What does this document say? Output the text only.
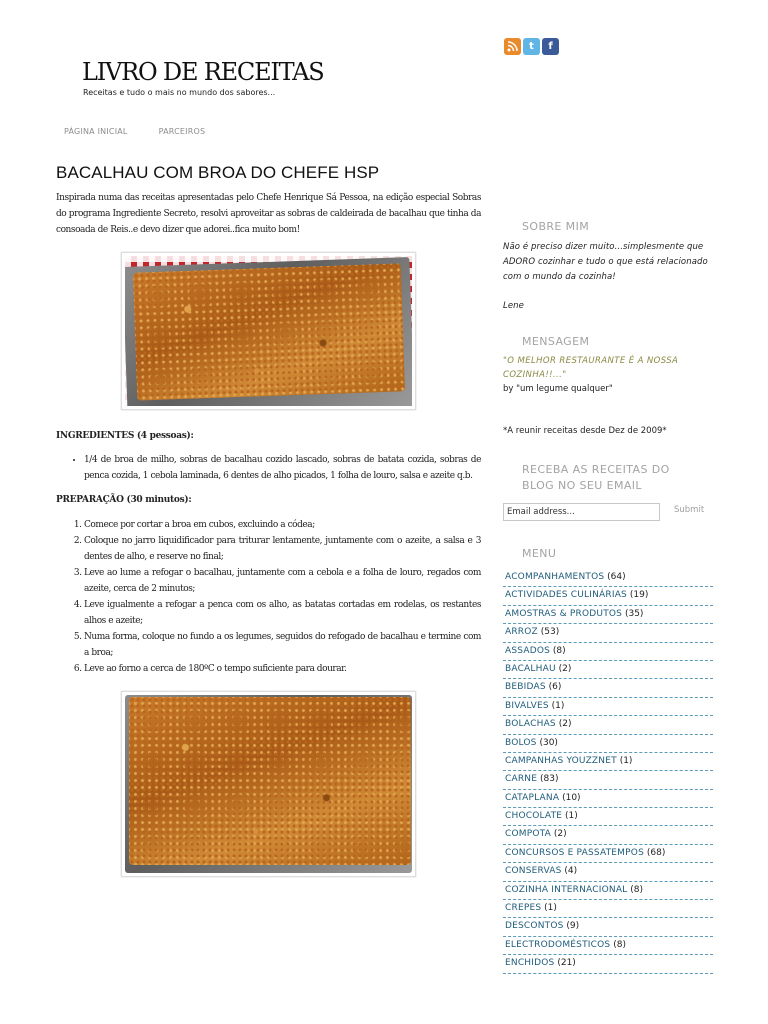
t f
LIVRO DE RECEITAS
Receitas e tudo o mais no mundo dos sabores...
PÁGINA INICIAL	PARCEIROS
BACALHAU COM BROA DO CHEFE HSP

Inspirada numa das receitas apresentadas pelo Chefe Henrique Sá Pessoa, na edição especial Sobras do programa Ingrediente Secreto, resolvi aproveitar as sobras de caldeirada de bacalhau que tinha da consoada de Reis..e devo dizer que adorei..fica muito bom!

INGREDIENTES (4 pessoas):

• 1/4 de broa de milho, sobras de bacalhau cozido lascado, sobras de batata cozida, sobras de penca cozida, 1 cebola laminada, 6 dentes de alho picados, 1 folha de louro, salsa e azeite q.b.

PREPARAÇÃO (30 minutos):

1. Comece por cortar a broa em cubos, excluindo a códea;
2. Coloque no jarro liquidificador para triturar lentamente, juntamente com o azeite, a salsa e 3 dentes de alho, e reserve no final;
3. Leve ao lume a refogar o bacalhau, juntamente com a cebola e a folha de louro, regados com azeite, cerca de 2 minutos;
4. Leve igualmente a refogar a penca com os alho, as batatas cortadas em rodelas, os restantes alhos e azeite;
5. Numa forma, coloque no fundo a os legumes, seguidos do refogado de bacalhau e termine com a broa;
6. Leve ao forno a cerca de 180ºC o tempo suficiente para dourar.
SOBRE MIM
Não é preciso dizer muito...simplesmente que ADORO cozinhar e tudo o que está relacionado com o mundo da cozinha!
Lene
MENSAGEM
"O MELHOR RESTAURANTE É A NOSSA COZINHA!!..."
by "um legume qualquer"
*A reunir receitas desde Dez de 2009*
RECEBA AS RECEITAS DO BLOG NO SEU EMAIL
Email address...
Submit
MENU
ACOMPANHAMENTOS (64)
ACTIVIDADES CULINÁRIAS (19)
AMOSTRAS & PRODUTOS (35)
ARROZ (53)
ASSADOS (8)
BACALHAU (2)
BEBIDAS (6)
BIVALVES (1)
BOLACHAS (2)
BOLOS (30)
CAMPANHAS YOUZZNET (1)
CARNE (83)
CATAPLANA (10)
CHOCOLATE (1)
COMPOTA (2)
CONCURSOS E PASSATEMPOS (68)
CONSERVAS (4)
COZINHA INTERNACIONAL (8)
CREPES (1)
DESCONTOS (9)
ELECTRODOMÉSTICOS (8)
ENCHIDOS (21)
